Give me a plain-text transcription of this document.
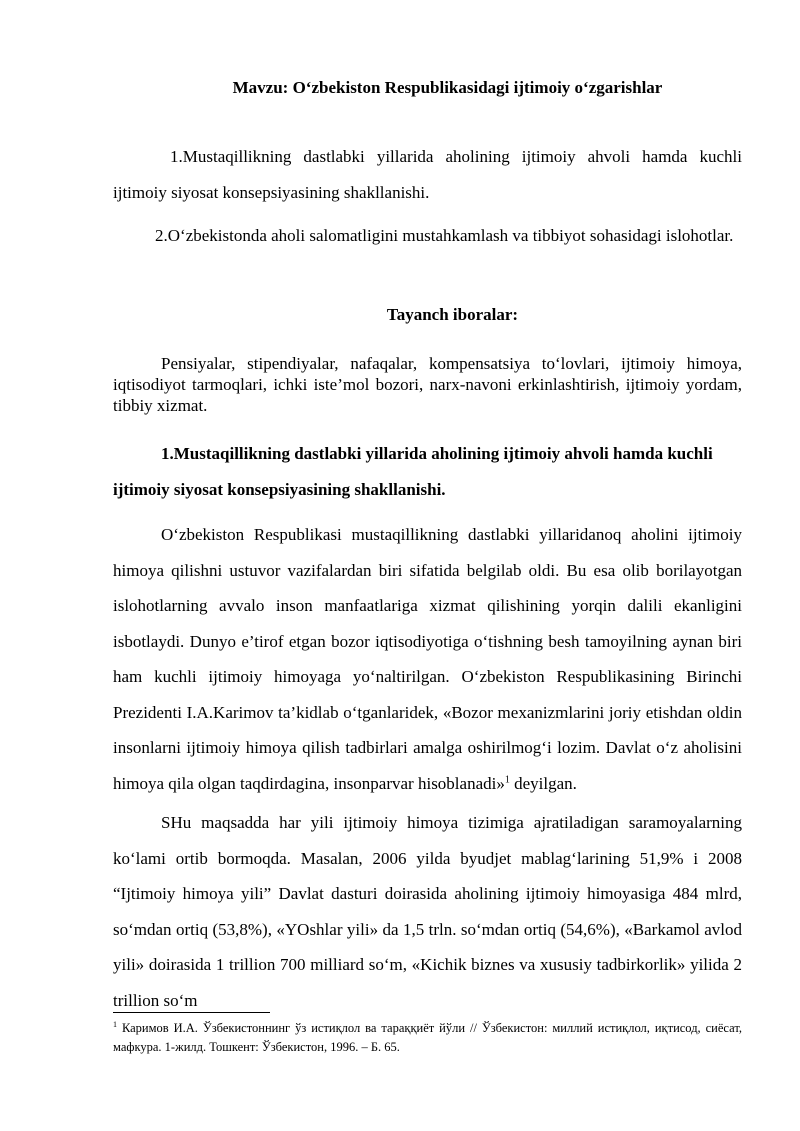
Mavzu: O‘zbekiston Respublikasidagi ijtimoiy o‘zgarishlar

1.Mustaqillikning dastlabki yillarida aholining ijtimoiy ahvoli hamda kuchli ijtimoiy siyosat konsepsiyasining shakllanishi.

2.O‘zbekistonda aholi salomatligini mustahkamlash va tibbiyot sohasidagi islohotlar.

Tayanch iboralar:

Pensiyalar, stipendiyalar, nafaqalar, kompensatsiya to‘lovlari, ijtimoiy himoya, iqtisodiyot tarmoqlari, ichki iste’mol bozori, narx-navoni erkinlashtirish, ijtimoiy yordam, tibbiy xizmat.

1.Mustaqillikning dastlabki yillarida aholining ijtimoiy ahvoli hamda kuchli ijtimoiy siyosat konsepsiyasining shakllanishi.

O‘zbekiston Respublikasi mustaqillikning dastlabki yillaridanoq aholini ijtimoiy himoya qilishni ustuvor vazifalardan biri sifatida belgilab oldi. Bu esa olib borilayotgan islohotlarning avvalo inson manfaatlariga xizmat qilishining yorqin dalili ekanligini isbotlaydi. Dunyo e’tirof etgan bozor iqtisodiyotiga o‘tishning besh tamoyilning aynan biri ham kuchli ijtimoiy himoyaga yo‘naltirilgan. O‘zbekiston Respublikasining Birinchi Prezidenti I.A.Karimov ta’kidlab o‘tganlaridek, «Bozor mexanizmlarini joriy etishdan oldin insonlarni ijtimoiy himoya qilish tadbirlari amalga oshirilmog‘i lozim. Davlat o‘z aholisini himoya qila olgan taqdirdagina, insonparvar hisoblanadi»$^1$ deyilgan.

SHu maqsadda har yili ijtimoiy himoya tizimiga ajratiladigan saramoyalarning ko‘lami ortib bormoqda. Masalan, 2006 yilda byudjet mablag‘larining 51,9% i 2008 “Ijtimoiy himoya yili” Davlat dasturi doirasida aholining ijtimoiy himoyasiga 484 mlrd, so‘mdan ortiq (53,8%), «YOshlar yili» da 1,5 trln. so‘mdan ortiq (54,6%), «Barkamol avlod yili» doirasida 1 trillion 700 milliard so‘m, «Kichik biznes va xususiy tadbirkorlik» yilida 2 trillion so‘m

$^1$ Каримов И.А. Ўзбекистоннинг ўз истиқлол ва тараққиёт йўли // Ўзбекистон: миллий истиқлол, иқтисод, сиёсат, мафкура. 1-жилд. Тошкент: Ўзбекистон, 1996. – Б. 65.
